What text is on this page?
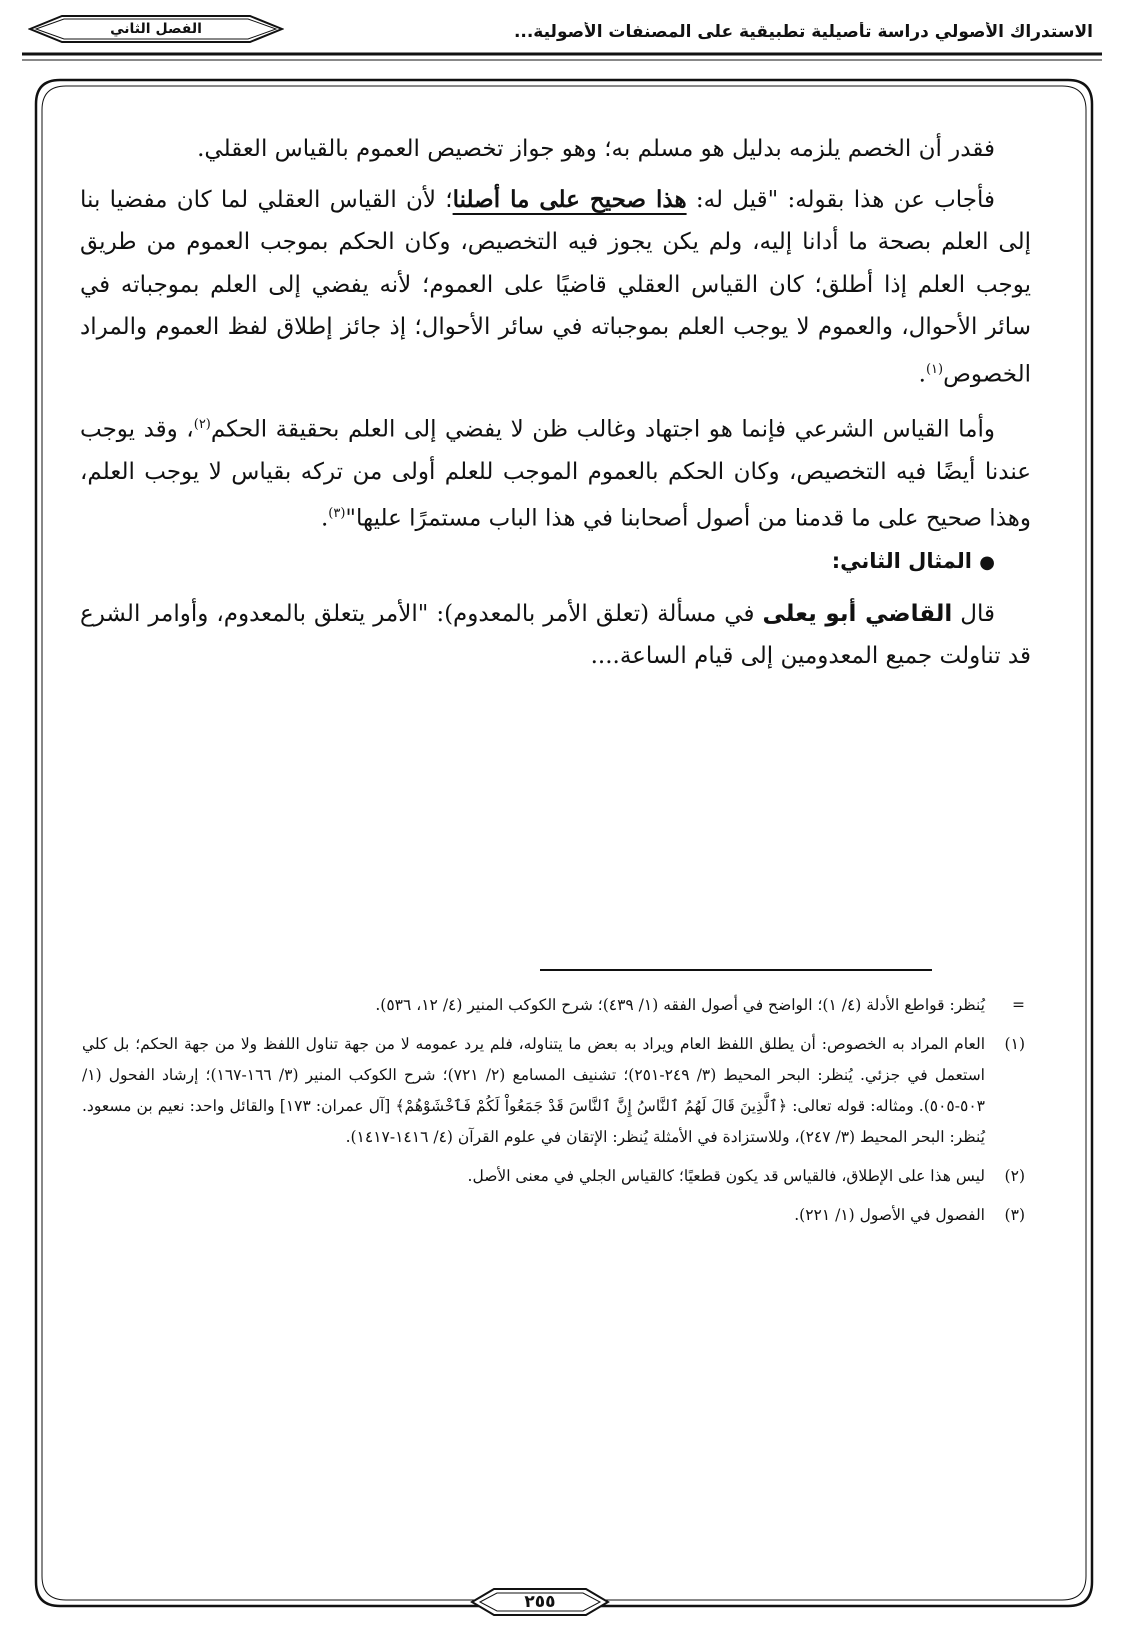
الاستدراك الأصولي دراسة تأصيلية تطبيقية على المصنفات الأصولية...
الفصل الثاني

فقدر أن الخصم يلزمه بدليل هو مسلم به؛ وهو جواز تخصيص العموم بالقياس العقلي.

فأجاب عن هذا بقوله: "قيل له: هذا صحيح على ما أصلنا؛ لأن القياس العقلي لما كان مفضيا بنا إلى العلم بصحة ما أدانا إليه، ولم يكن يجوز فيه التخصيص، وكان الحكم بموجب العموم من طريق يوجب العلم إذا أطلق؛ كان القياس العقلي قاضيًا على العموم؛ لأنه يفضي إلى العلم بموجباته في سائر الأحوال، والعموم لا يوجب العلم بموجباته في سائر الأحوال؛ إذ جائز إطلاق لفظ العموم والمراد الخصوص$^{(١)}$.

وأما القياس الشرعي فإنما هو اجتهاد وغالب ظن لا يفضي إلى العلم بحقيقة الحكم$^{(٢)}$، وقد يوجب عندنا أيضًا فيه التخصيص، وكان الحكم بالعموم الموجب للعلم أولى من تركه بقياس لا يوجب العلم، وهذا صحيح على ما قدمنا من أصول أصحابنا في هذا الباب مستمرًا عليها"$^{(٣)}$.

● المثال الثاني:

قال القاضي أبو يعلى في مسألة (تعلق الأمر بالمعدوم): "الأمر يتعلق بالمعدوم، وأوامر الشرع قد تناولت جميع المعدومين إلى قيام الساعة....

=
يُنظر: قواطع الأدلة (٤/ ١)؛ الواضح في أصول الفقه (١/ ٤٣٩)؛ شرح الكوكب المنير (٤/ ١٢، ٥٣٦).
(١)
العام المراد به الخصوص: أن يطلق اللفظ العام ويراد به بعض ما يتناوله، فلم يرد عمومه لا من جهة تناول اللفظ ولا من جهة الحكم؛ بل كلي استعمل في جزئي. يُنظر: البحر المحيط (٣/ ٢٤٩-٢٥١)؛ تشنيف المسامع (٢/ ٧٢١)؛ شرح الكوكب المنير (٣/ ١٦٦-١٦٧)؛ إرشاد الفحول (١/ ٥٠٣-٥٠٥). ومثاله: قوله تعالى: ﴿ٱلَّذِينَ قَالَ لَهُمُ ٱلنَّاسُ إِنَّ ٱلنَّاسَ قَدْ جَمَعُواْ لَكُمْ فَٱخْشَوْهُمْ﴾ [آل عمران: ١٧٣] والقائل واحد: نعيم بن مسعود. يُنظر: البحر المحيط (٣/ ٢٤٧)، وللاستزادة في الأمثلة يُنظر: الإتقان في علوم القرآن (٤/ ١٤١٦-١٤١٧).
(٢)
ليس هذا على الإطلاق، فالقياس قد يكون قطعيًا؛ كالقياس الجلي في معنى الأصل.
(٣)
الفصول في الأصول (١/ ٢٢١).
٢٥٥
